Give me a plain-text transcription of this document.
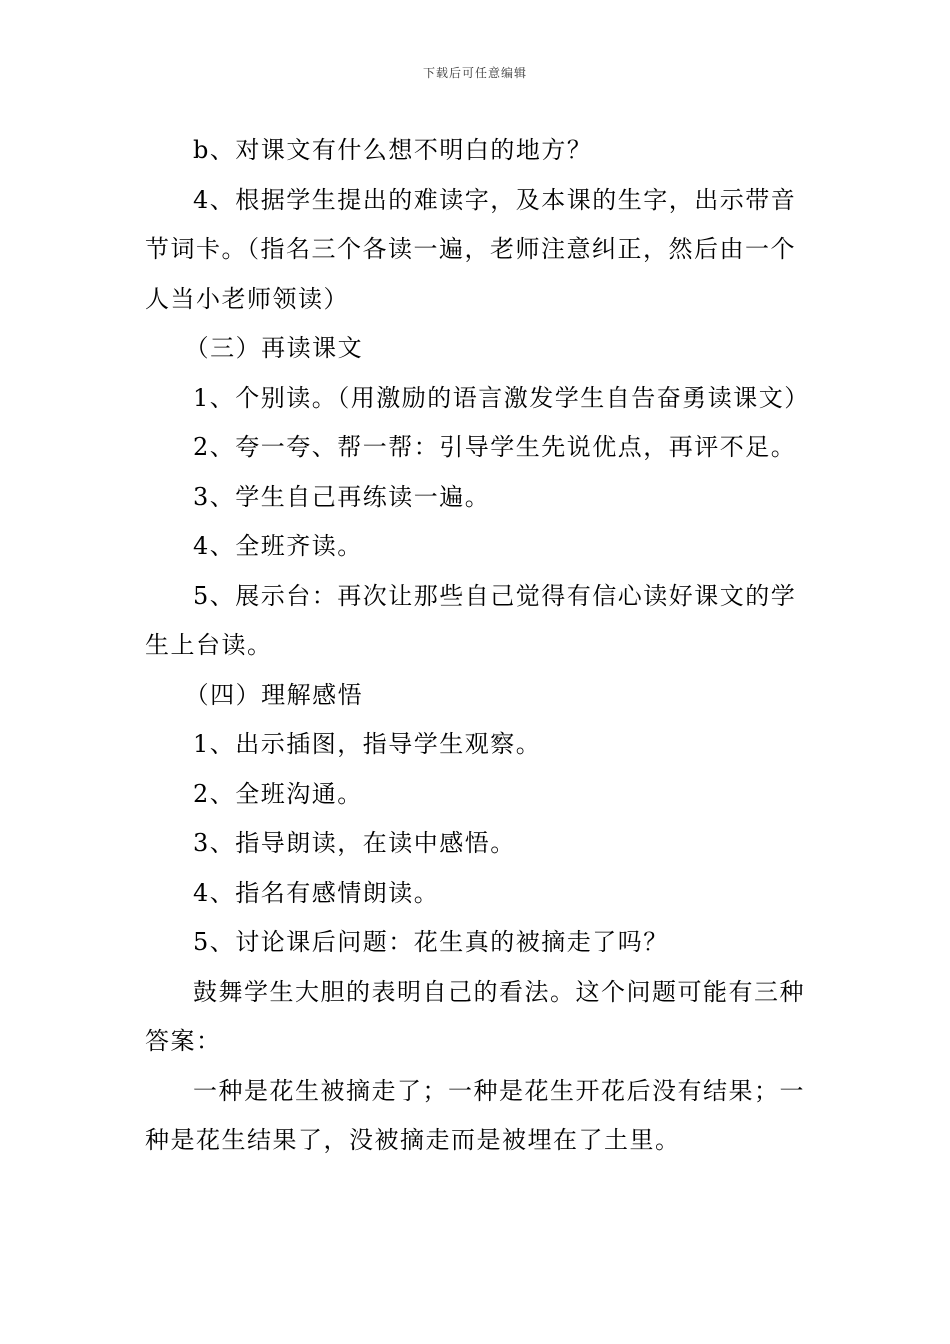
下载后可任意编辑

b、对课文有什么想不明白的地方？

4、根据学生提出的难读字，及本课的生字，出示带音节词卡。（指名三个各读一遍，老师注意纠正，然后由一个人当小老师领读）

（三）再读课文

1、个别读。（用激励的语言激发学生自告奋勇读课文）

2、夸一夸、帮一帮：引导学生先说优点，再评不足。

3、学生自己再练读一遍。

4、全班齐读。

5、展示台：再次让那些自己觉得有信心读好课文的学生上台读。

（四）理解感悟

1、出示插图，指导学生观察。

2、全班沟通。

3、指导朗读，在读中感悟。

4、指名有感情朗读。

5、讨论课后问题：花生真的被摘走了吗？

鼓舞学生大胆的表明自己的看法。这个问题可能有三种答案：

一种是花生被摘走了；一种是花生开花后没有结果；一种是花生结果了，没被摘走而是被埋在了土里。
